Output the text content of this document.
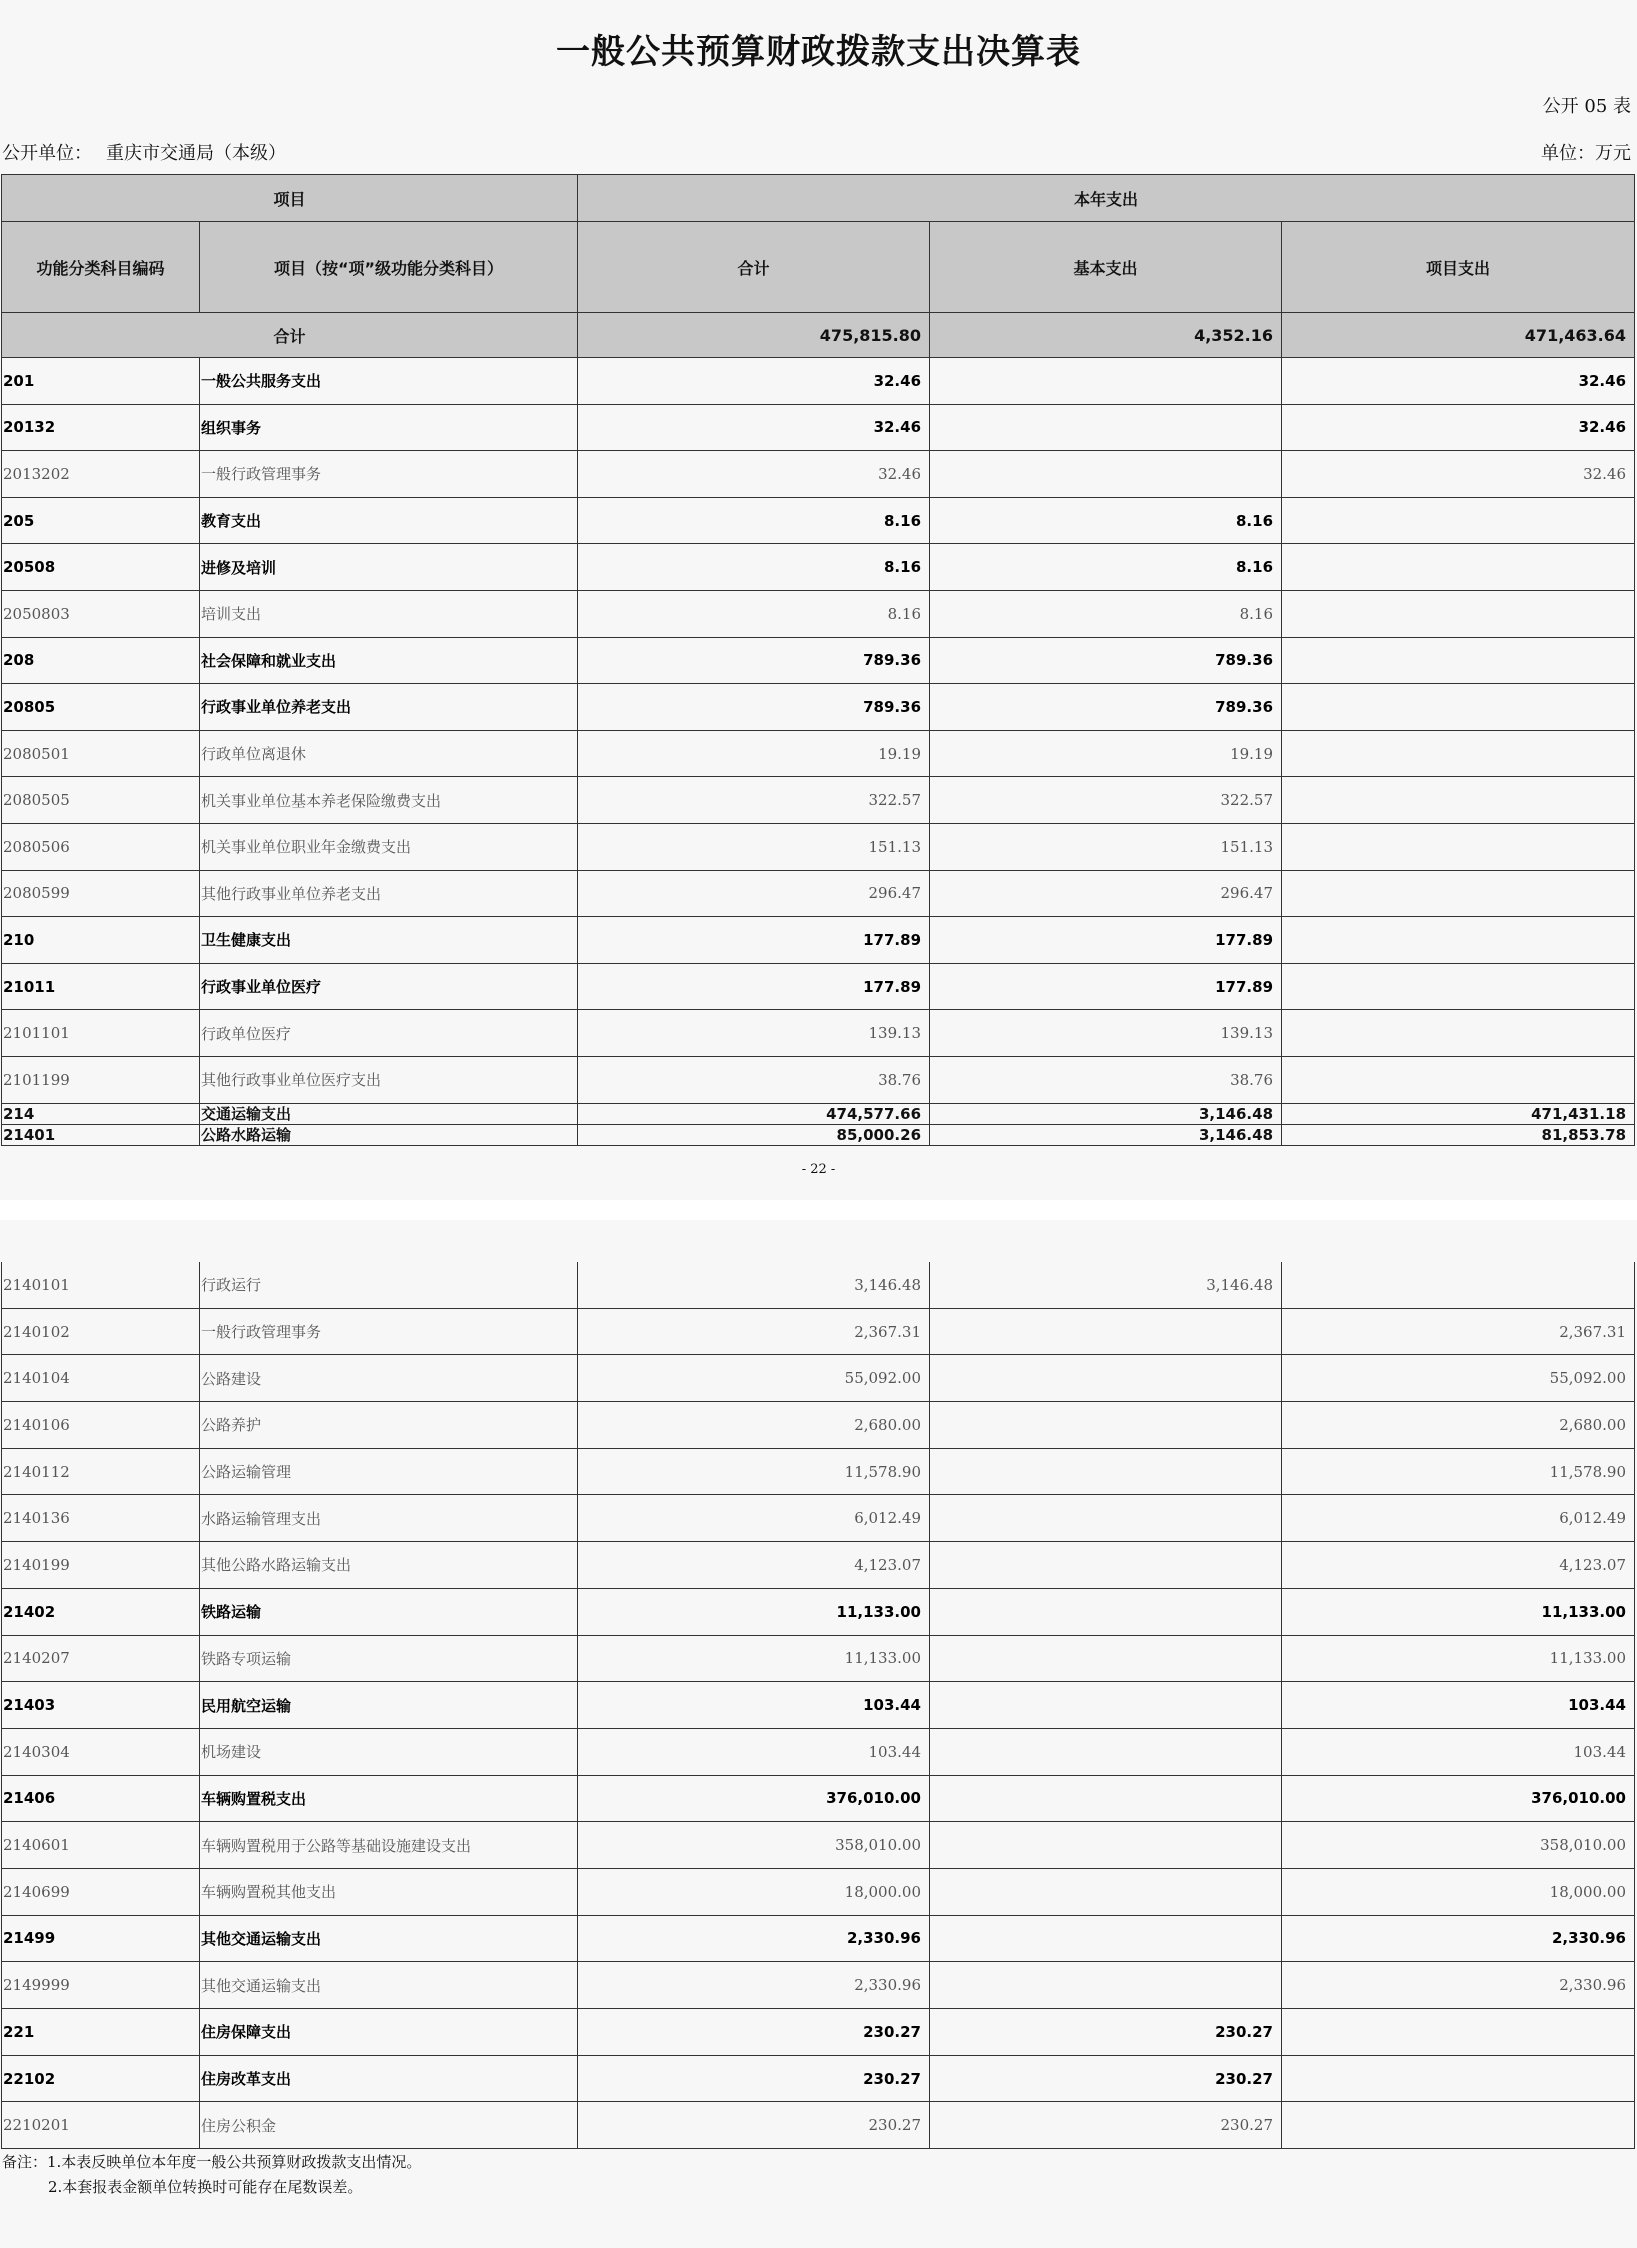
一般公共预算财政拨款支出决算表
公开 05 表
公开单位： 重庆市交通局（本级）	单位：万元
项目		本年支出		
功能分类科目编码	项目（按“项”级功能分类科目）	合计	基本支出	项目支出
合计		475,815.80	4,352.16	471,463.64
201	一般公共服务支出	32.46		32.46
20132	组织事务	32.46		32.46
2013202	一般行政管理事务	32.46		32.46
205	教育支出	8.16	8.16	
20508	进修及培训	8.16	8.16	
2050803	培训支出	8.16	8.16	
208	社会保障和就业支出	789.36	789.36	
20805	行政事业单位养老支出	789.36	789.36	
2080501	行政单位离退休	19.19	19.19	
2080505	机关事业单位基本养老保险缴费支出	322.57	322.57	
2080506	机关事业单位职业年金缴费支出	151.13	151.13	
2080599	其他行政事业单位养老支出	296.47	296.47	
210	卫生健康支出	177.89	177.89	
21011	行政事业单位医疗	177.89	177.89	
2101101	行政单位医疗	139.13	139.13	
2101199	其他行政事业单位医疗支出	38.76	38.76	
214	交通运输支出	474,577.66	3,146.48	471,431.18
21401	公路水路运输	85,000.26	3,146.48	81,853.78
- 22 -
2140101	行政运行	3,146.48	3,146.48	
2140102	一般行政管理事务	2,367.31		2,367.31
2140104	公路建设	55,092.00		55,092.00
2140106	公路养护	2,680.00		2,680.00
2140112	公路运输管理	11,578.90		11,578.90
2140136	水路运输管理支出	6,012.49		6,012.49
2140199	其他公路水路运输支出	4,123.07		4,123.07
21402	铁路运输	11,133.00		11,133.00
2140207	铁路专项运输	11,133.00		11,133.00
21403	民用航空运输	103.44		103.44
2140304	机场建设	103.44		103.44
21406	车辆购置税支出	376,010.00		376,010.00
2140601	车辆购置税用于公路等基础设施建设支出	358,010.00		358,010.00
2140699	车辆购置税其他支出	18,000.00		18,000.00
21499	其他交通运输支出	2,330.96		2,330.96
2149999	其他交通运输支出	2,330.96		2,330.96
221	住房保障支出	230.27	230.27	
22102	住房改革支出	230.27	230.27	
2210201	住房公积金	230.27	230.27	
备注：1.本表反映单位本年度一般公共预算财政拨款支出情况。
2.本套报表金额单位转换时可能存在尾数误差。
